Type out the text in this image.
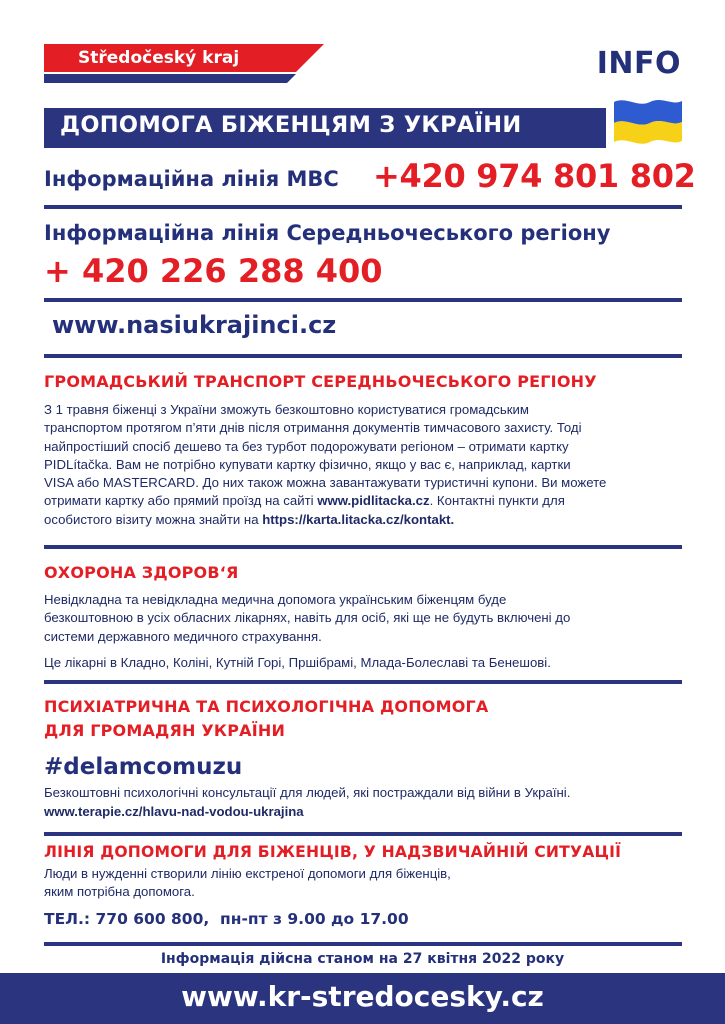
Středočeský kraj	INFO
ДОПОМОГА БІЖЕНЦЯМ З УКРАЇНИ
Інформаційна лінія МВС +420 974 801 802
Інформаційна лінія Середньочеського регіону
+ 420 226 288 400
www.nasiukrajinci.cz
ГРОМАДСЬКИЙ ТРАНСПОРТ СЕРЕДНЬОЧЕСЬКОГО РЕГІОНУ
З 1 травня біженці з України зможуть безкоштовно користуватися громадським
транспортом протягом п’яти днів після отримання документів тимчасового захисту. Тоді
найпростіший спосіб дешево та без турбот подорожувати регіоном – отримати картку
PIDLítačka. Вам не потрібно купувати картку фізично, якщо у вас є, наприклад, картки
VISA або MASTERCARD. До них також можна завантажувати туристичні купони. Ви можете
отримати картку або прямий проїзд на сайті www.pidlitacka.cz. Контактні пункти для
особистого візиту можна знайти на https://karta.litacka.cz/kontakt.
ОХОРОНА ЗДОРОВ‘Я
Невідкладна та невідкладна медична допомога українським біженцям буде
безкоштовною в усіх обласних лікарнях, навіть для осіб, які ще не будуть включені до
системи державного медичного страхування.
Це лікарні в Кладно, Коліні, Кутній Горі, Пршібрамі, Млада-Болеславі та Бенешові.
ПСИХІАТРИЧНА ТА ПСИХОЛОГІЧНА ДОПОМОГА
ДЛЯ ГРОМАДЯН УКРАЇНИ
#delamcomuzu
Безкоштовні психологічні консультації для людей, які постраждали від війни в Україні.
www.terapie.cz/hlavu-nad-vodou-ukrajina
ЛІНІЯ ДОПОМОГИ ДЛЯ БІЖЕНЦІВ, У НАДЗВИЧАЙНІЙ СИТУАЦІЇ
Люди в нужденні створили лінію екстреної допомоги для біженців,
яким потрібна допомога.
ТЕЛ.: 770 600 800,  пн-пт з 9.00 до 17.00
Інформація дійсна станом на 27 квітня 2022 року
www.kr-stredocesky.cz
